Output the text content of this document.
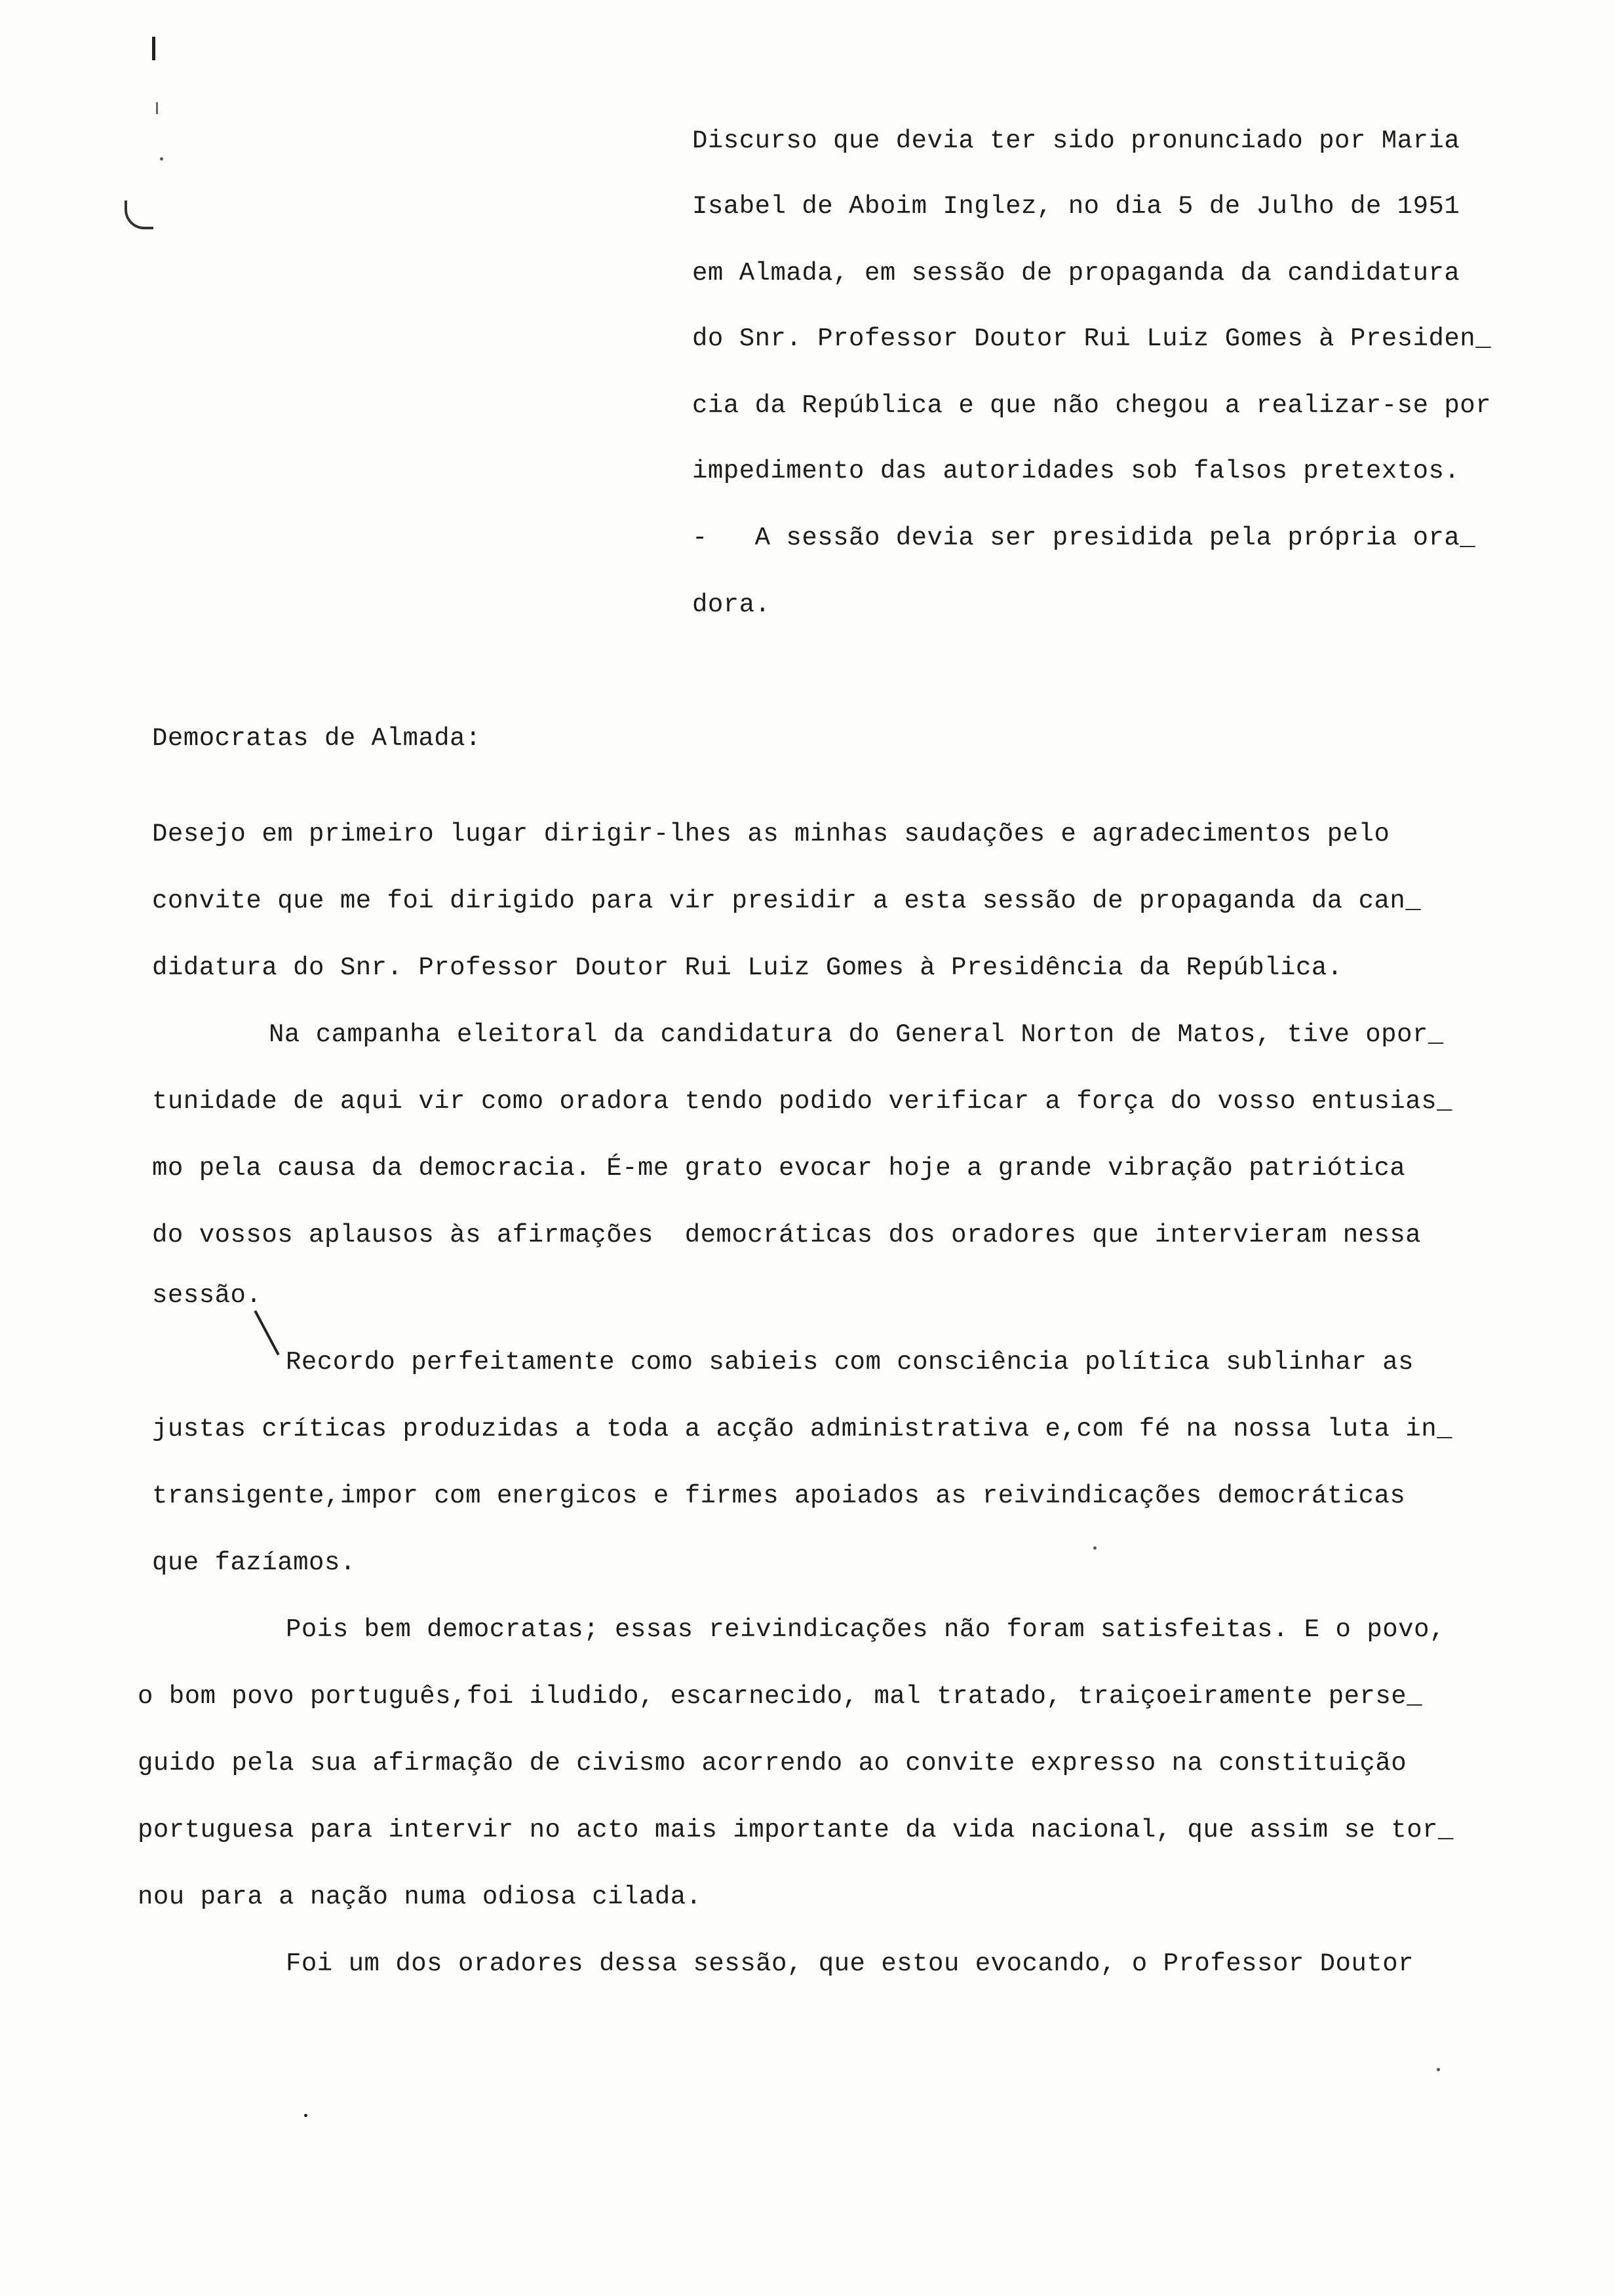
Discurso que devia ter sido pronunciado por Maria
Isabel de Aboim Inglez, no dia 5 de Julho de 1951
em Almada, em sessão de propaganda da candidatura
do Snr. Professor Doutor Rui Luiz Gomes à Presiden_
cia da República e que não chegou a realizar-se por
impedimento das autoridades sob falsos pretextos.
-   A sessão devia ser presidida pela própria ora_
dora.
Democratas de Almada:
Desejo em primeiro lugar dirigir-lhes as minhas saudações e agradecimentos pelo
convite que me foi dirigido para vir presidir a esta sessão de propaganda da can_
didatura do Snr. Professor Doutor Rui Luiz Gomes à Presidência da República.
Na campanha eleitoral da candidatura do General Norton de Matos, tive opor_
tunidade de aqui vir como oradora tendo podido verificar a força do vosso entusias_
mo pela causa da democracia. É-me grato evocar hoje a grande vibração patriótica
do vossos aplausos às afirmações  democráticas dos oradores que intervieram nessa
sessão.
Recordo perfeitamente como sabieis com consciência política sublinhar as
justas críticas produzidas a toda a acção administrativa e,com fé na nossa luta in_
transigente,impor com energicos e firmes apoiados as reivindicações democráticas
que fazíamos.
Pois bem democratas; essas reivindicações não foram satisfeitas. E o povo,
o bom povo português,foi iludido, escarnecido, mal tratado, traiçoeiramente perse_
guido pela sua afirmação de civismo acorrendo ao convite expresso na constituição
portuguesa para intervir no acto mais importante da vida nacional, que assim se tor_
nou para a nação numa odiosa cilada.
Foi um dos oradores dessa sessão, que estou evocando, o Professor Doutor
